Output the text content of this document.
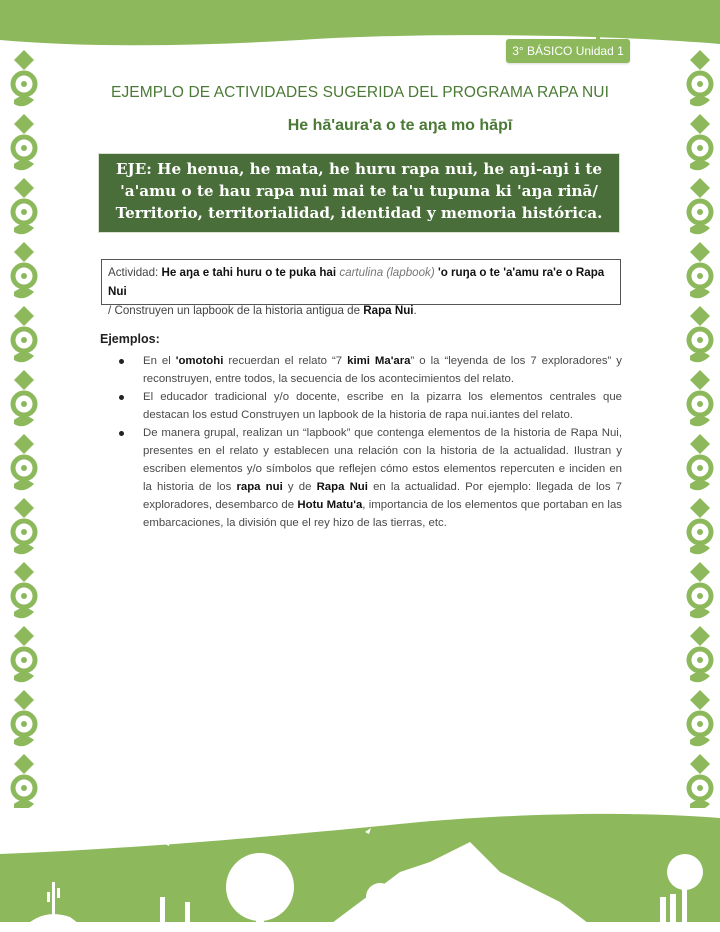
3° BÁSICO Unidad 1
EJEMPLO DE ACTIVIDADES SUGERIDA DEL PROGRAMA RAPA NUI
He hā'aura'a o te aŋa mo hāpī
EJE: He henua, he mata, he huru rapa nui, he aŋi-aŋi i te 'a'amu o te hau rapa nui mai te ta'u tupuna ki 'aŋa rinā/ Territorio, territorialidad, identidad y memoria histórica.
Actividad: He aŋa e tahi huru o te puka hai cartulina (lapbook) 'o ruŋa o te 'a'amu ra'e o Rapa Nui
/ Construyen un lapbook de la historia antigua de Rapa Nui.
Ejemplos:
En el 'omotohi recuerdan el relato “7 kimi Ma'ara” o la “leyenda de los 7 exploradores” y reconstruyen, entre todos, la secuencia de los acontecimientos del relato.
El educador tradicional y/o docente, escribe en la pizarra los elementos centrales que destacan los estud Construyen un lapbook de la historia de rapa nui.iantes del relato.
De manera grupal, realizan un “lapbook” que contenga elementos de la historia de Rapa Nui, presentes en el relato y establecen una relación con la historia de la actualidad. Ilustran y escriben elementos y/o símbolos que reflejen cómo estos elementos repercuten e inciden en la historia de los rapa nui y de Rapa Nui en la actualidad. Por ejemplo: llegada de los 7 exploradores, desembarco de Hotu Matu'a, importancia de los elementos que portaban en las embarcaciones, la división que el rey hizo de las tierras, etc.
